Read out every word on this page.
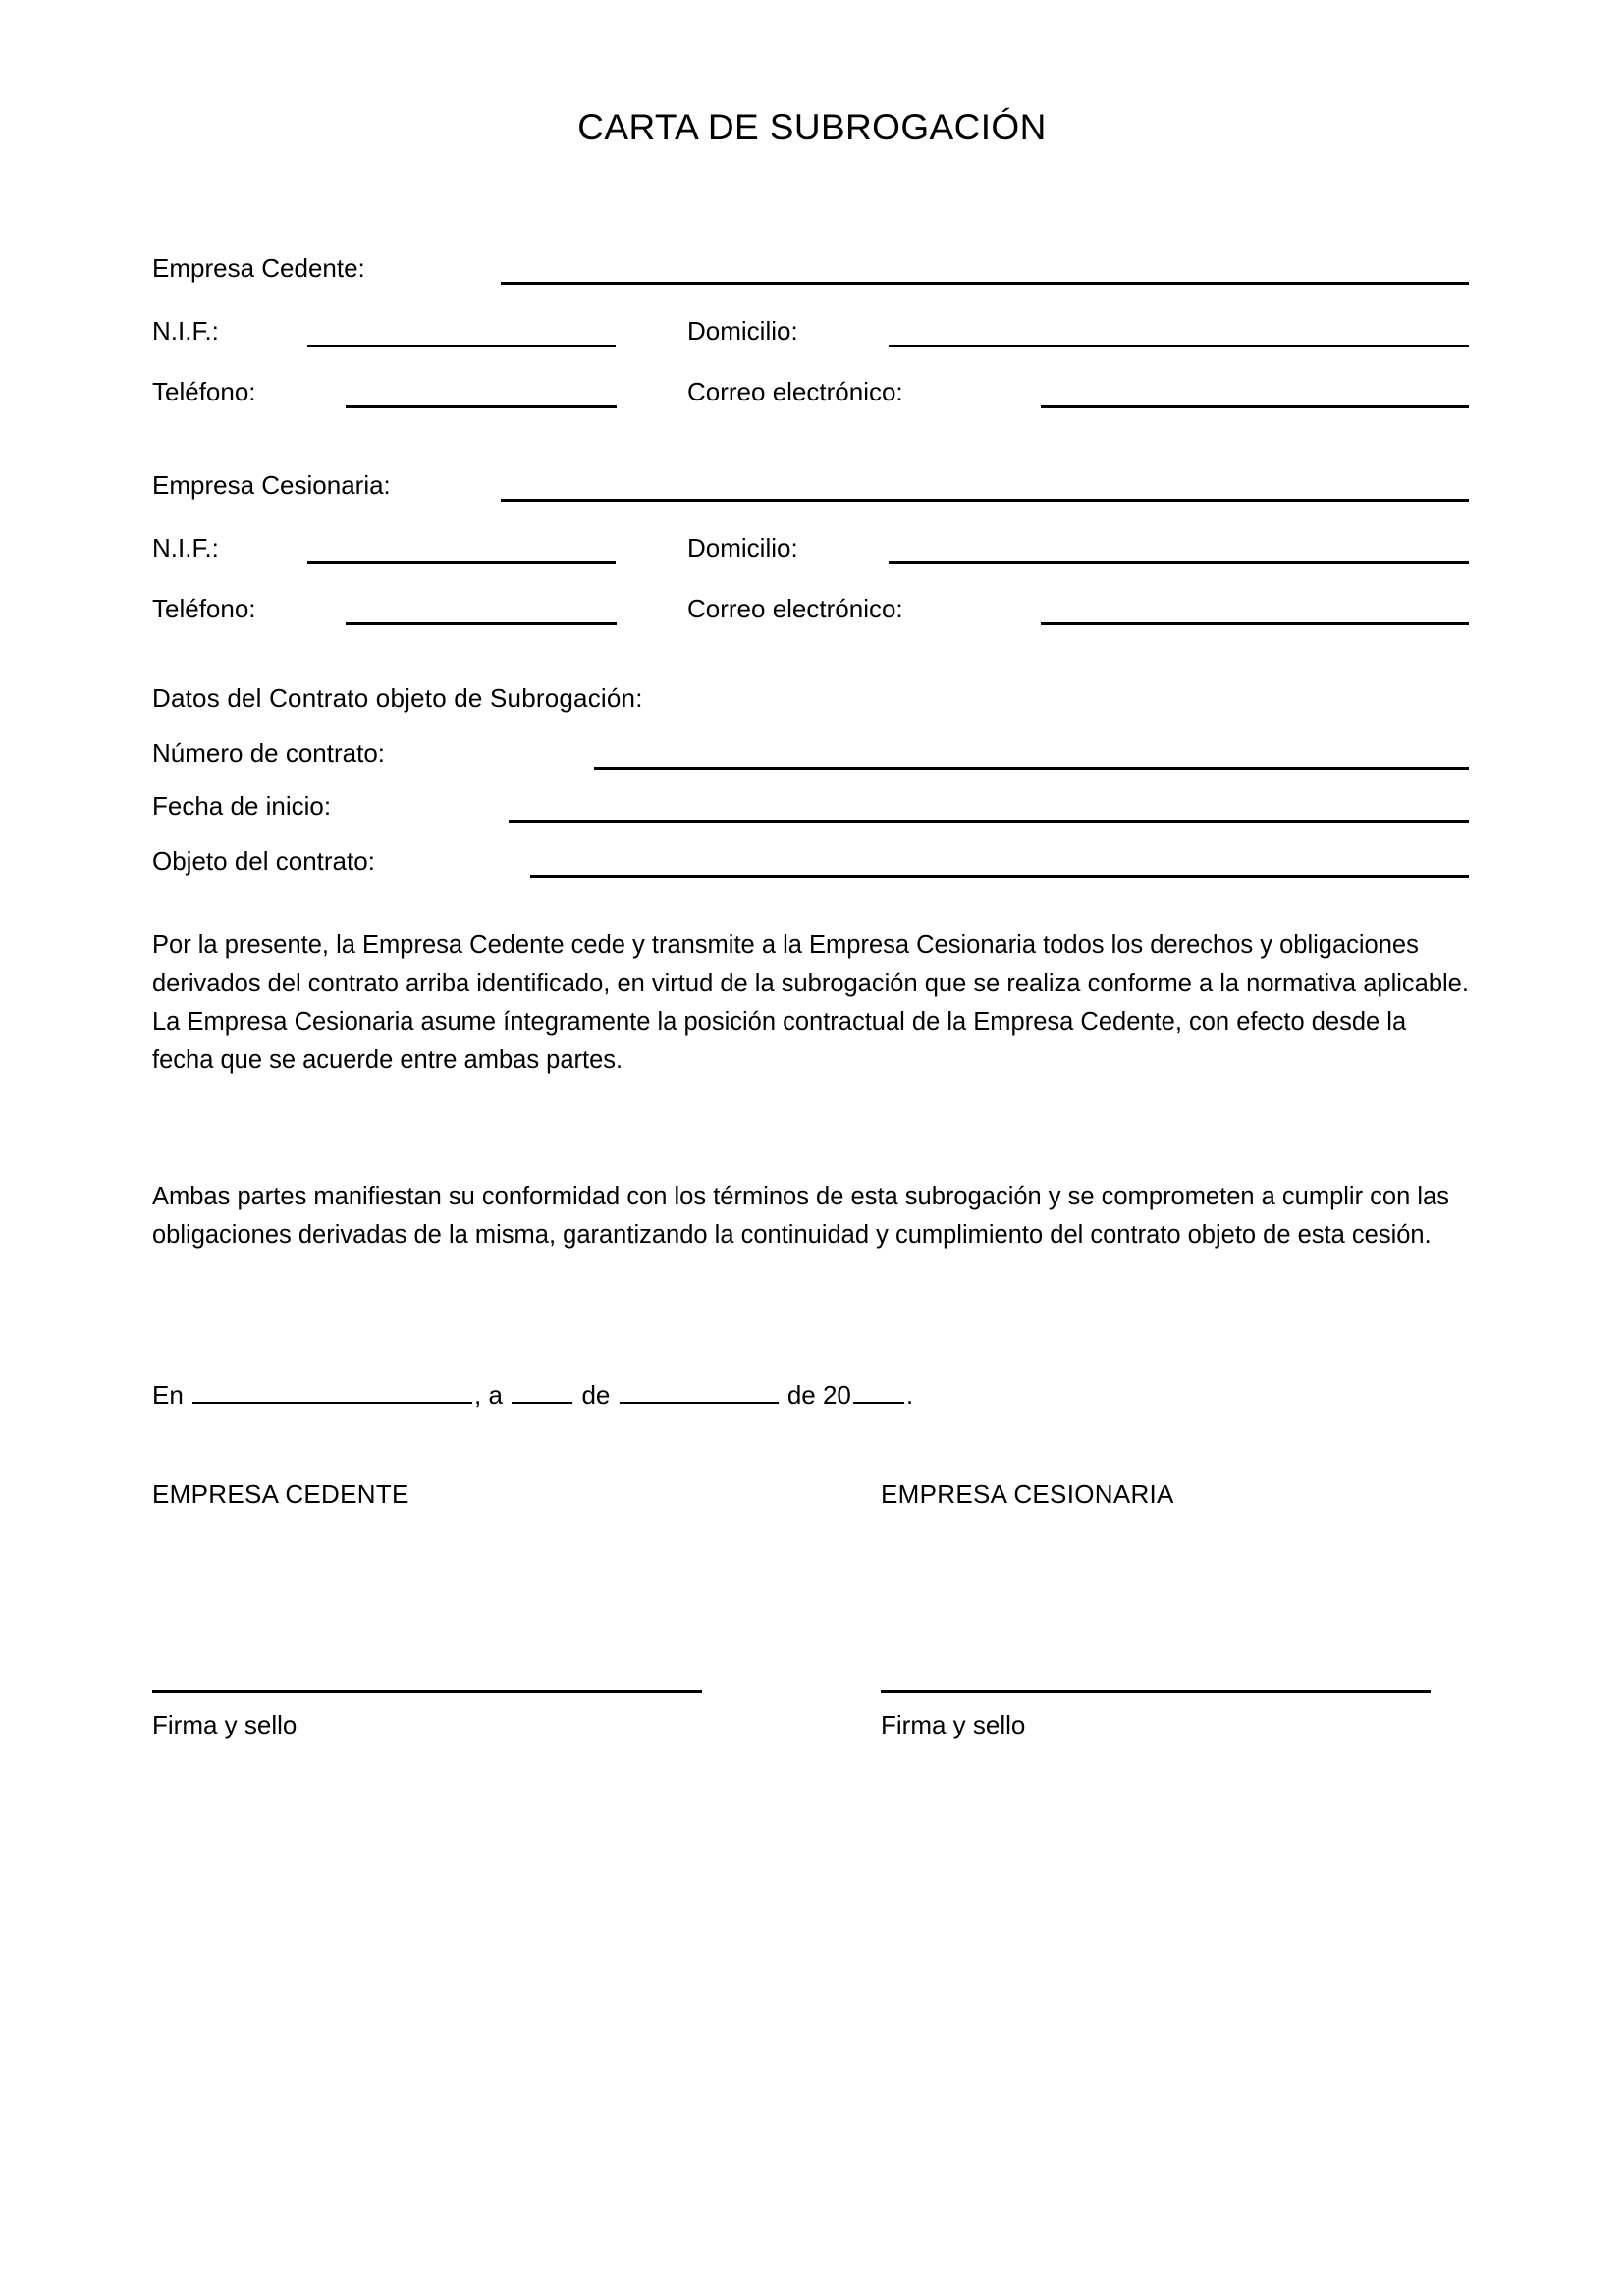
CARTA DE SUBROGACIÓN
Empresa Cedente:
N.I.F.:	Domicilio:
Teléfono:	Correo electrónico:
Empresa Cesionaria:
N.I.F.:	Domicilio:
Teléfono:	Correo electrónico:
Datos del Contrato objeto de Subrogación:
Número de contrato:
Fecha de inicio:
Objeto del contrato:
Por la presente, la Empresa Cedente cede y transmite a la Empresa Cesionaria todos los derechos y obligaciones derivados del contrato arriba identificado, en virtud de la subrogación que se realiza conforme a la normativa aplicable. La Empresa Cesionaria asume íntegramente la posición contractual de la Empresa Cedente, con efecto desde la fecha que se acuerde entre ambas partes.
Ambas partes manifiestan su conformidad con los términos de esta subrogación y se comprometen a cumplir con las obligaciones derivadas de la misma, garantizando la continuidad y cumplimiento del contrato objeto de esta cesión.
En	, a	de	de 20 .
EMPRESA CEDENTE	EMPRESA CESIONARIA
Firma y sello	Firma y sello
